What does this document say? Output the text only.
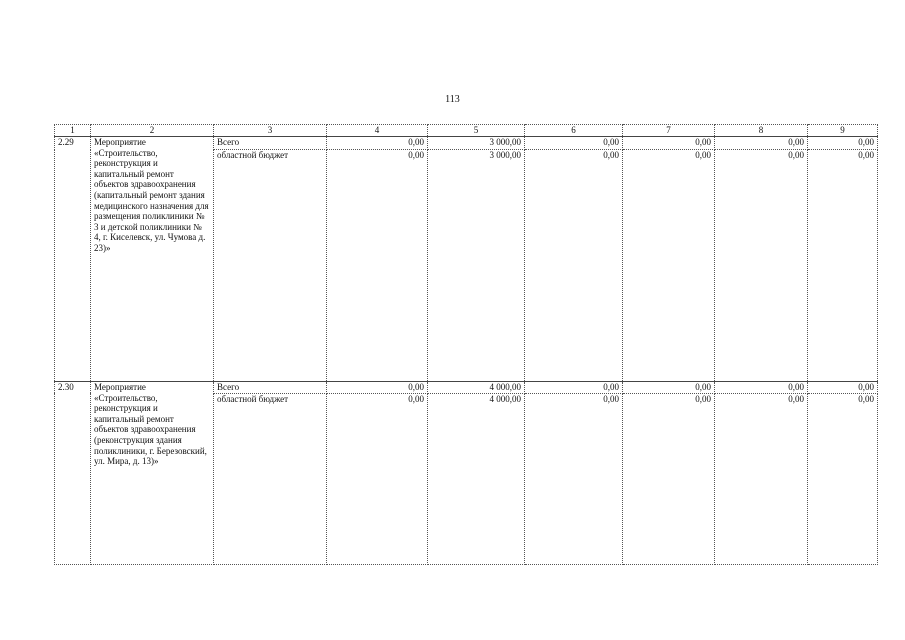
113
1	2	3	4	5	6	7	8	9
2.29	Мероприятие «Строительство, реконструкция и капитальный ремонт объектов здравоохранения (капитальный ремонт здания медицинского назначения для размещения поликлиники № 3 и детской поликлиники № 4, г. Киселевск, ул. Чумова д. 23)»	Всего	0,00	3 000,00	0,00	0,00	0,00	0,00
		областной бюджет	0,00	3 000,00	0,00	0,00	0,00	0,00
2.30	Мероприятие «Строительство, реконструкция и капитальный ремонт объектов здравоохранения (реконструкция здания поликлиники, г. Березовский, ул. Мира, д. 13)»	Всего	0,00	4 000,00	0,00	0,00	0,00	0,00
		областной бюджет	0,00	4 000,00	0,00	0,00	0,00	0,00
